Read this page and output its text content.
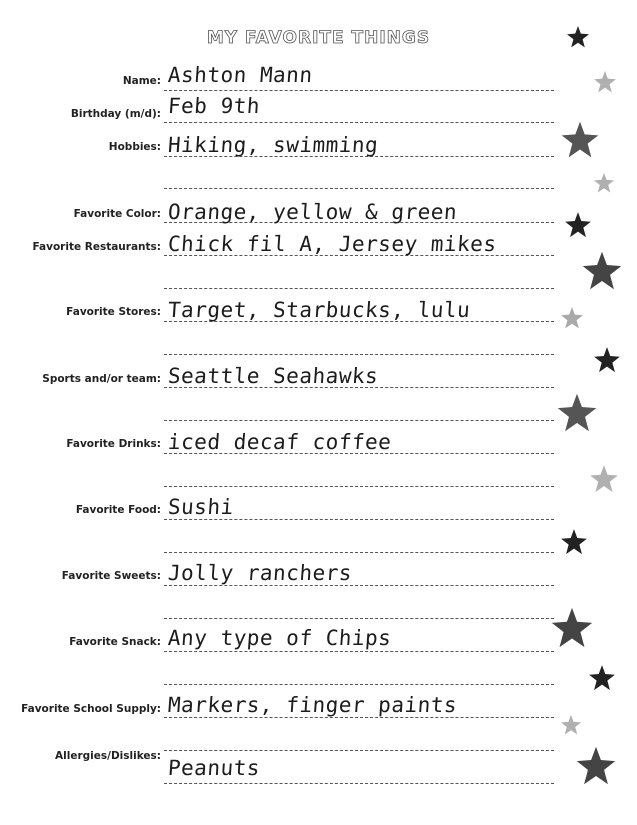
MY FAVORITE THINGS
Name:
Birthday (m/d):
Hobbies:
Favorite Color:
Favorite Restaurants:
Favorite Stores:
Sports and/or team:
Favorite Drinks:
Favorite Food:
Favorite Sweets:
Favorite Snack:
Favorite School Supply:
Allergies/Dislikes:
Ashton Mann
Feb 9th
Hiking, swimming
Orange, yellow & green
Chick fil A, Jersey mikes
Target, Starbucks, lulu
Seattle Seahawks
iced decaf coffee
Sushi
Jolly ranchers
Any type of Chips
Markers, finger paints
Peanuts
